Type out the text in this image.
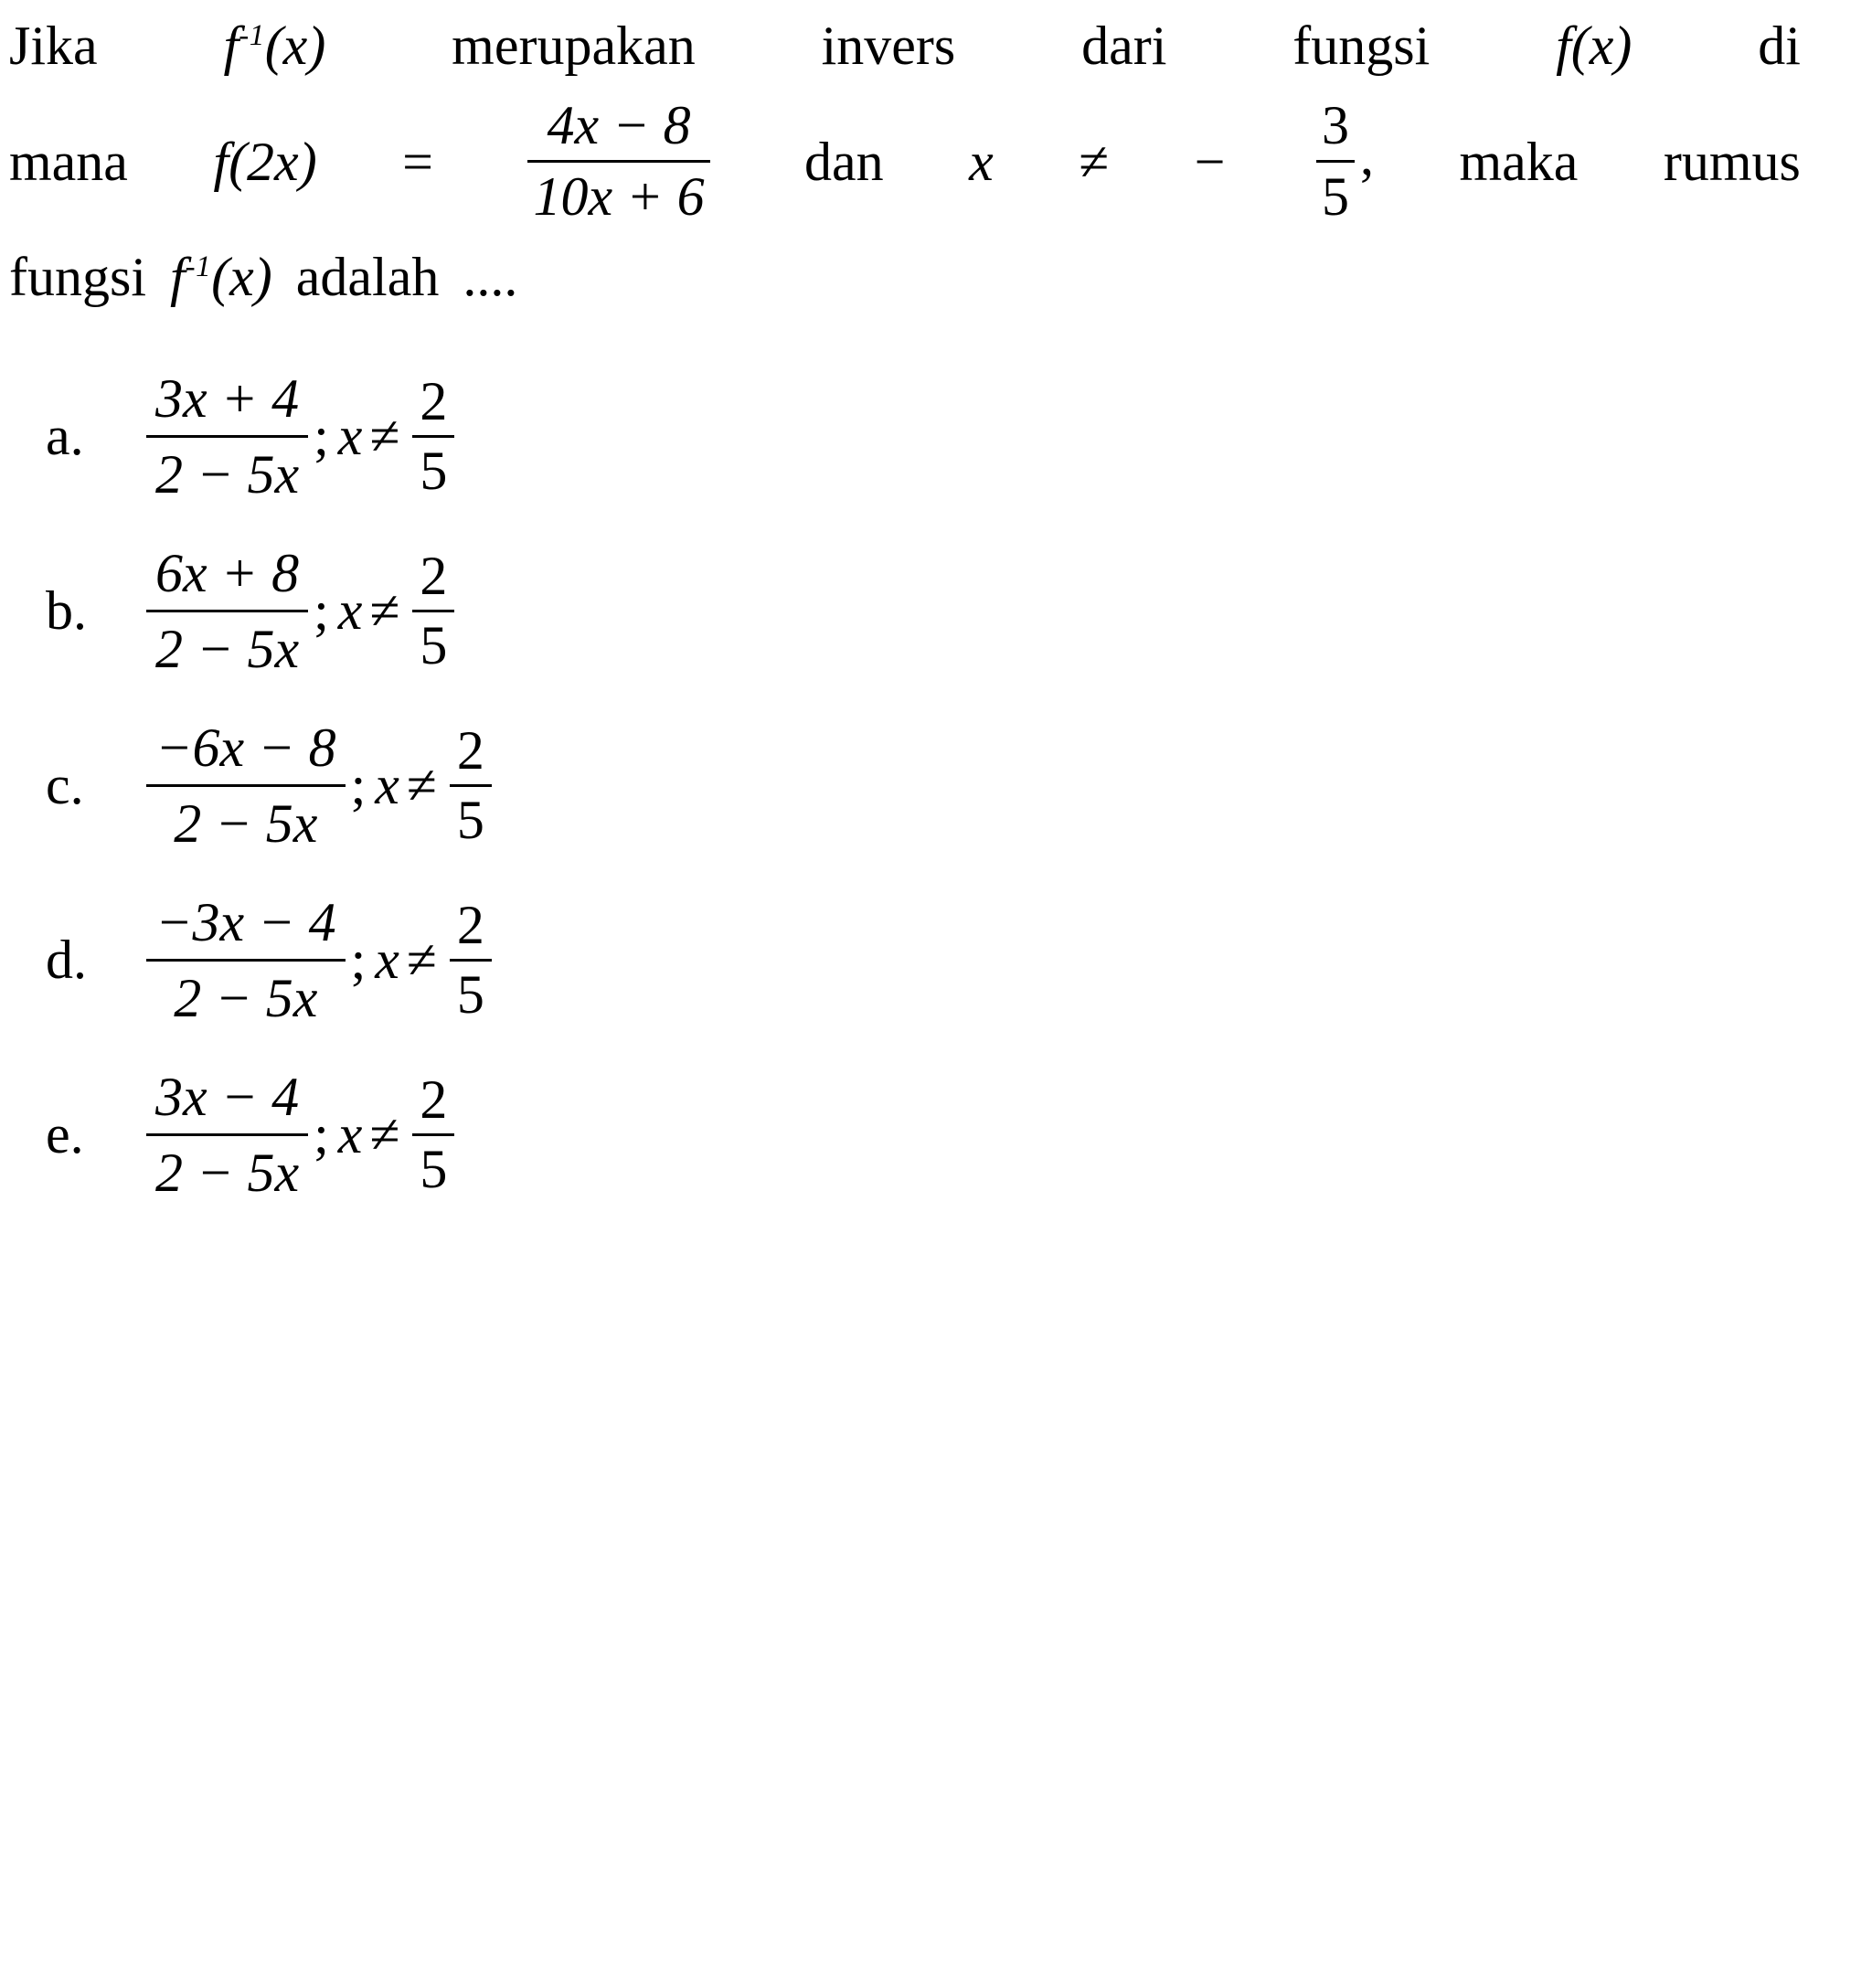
Jika $f^{-1}(x)$ merupakan invers dari fungsi f(x) di
mana $f(2x) = \frac{4x - 8}{10x + 6}$ dan x ≠ − $\frac{3}{5}$ , maka rumus
fungsi $f^{-1}(x)$ adalah ....
a.	$\frac{3x + 4}{2 - 5x}$ ; $x \ne \frac{2}{5}$
b.	$\frac{6x + 8}{2 - 5x}$ ; $x \ne \frac{2}{5}$
c.	$\frac{-6x - 8}{2 - 5x}$ ; $x \ne \frac{2}{5}$
d.	$\frac{-3x - 4}{2 - 5x}$ ; $x \ne \frac{2}{5}$
e.	$\frac{3x - 4}{2 - 5x}$ ; $x \ne \frac{2}{5}$
